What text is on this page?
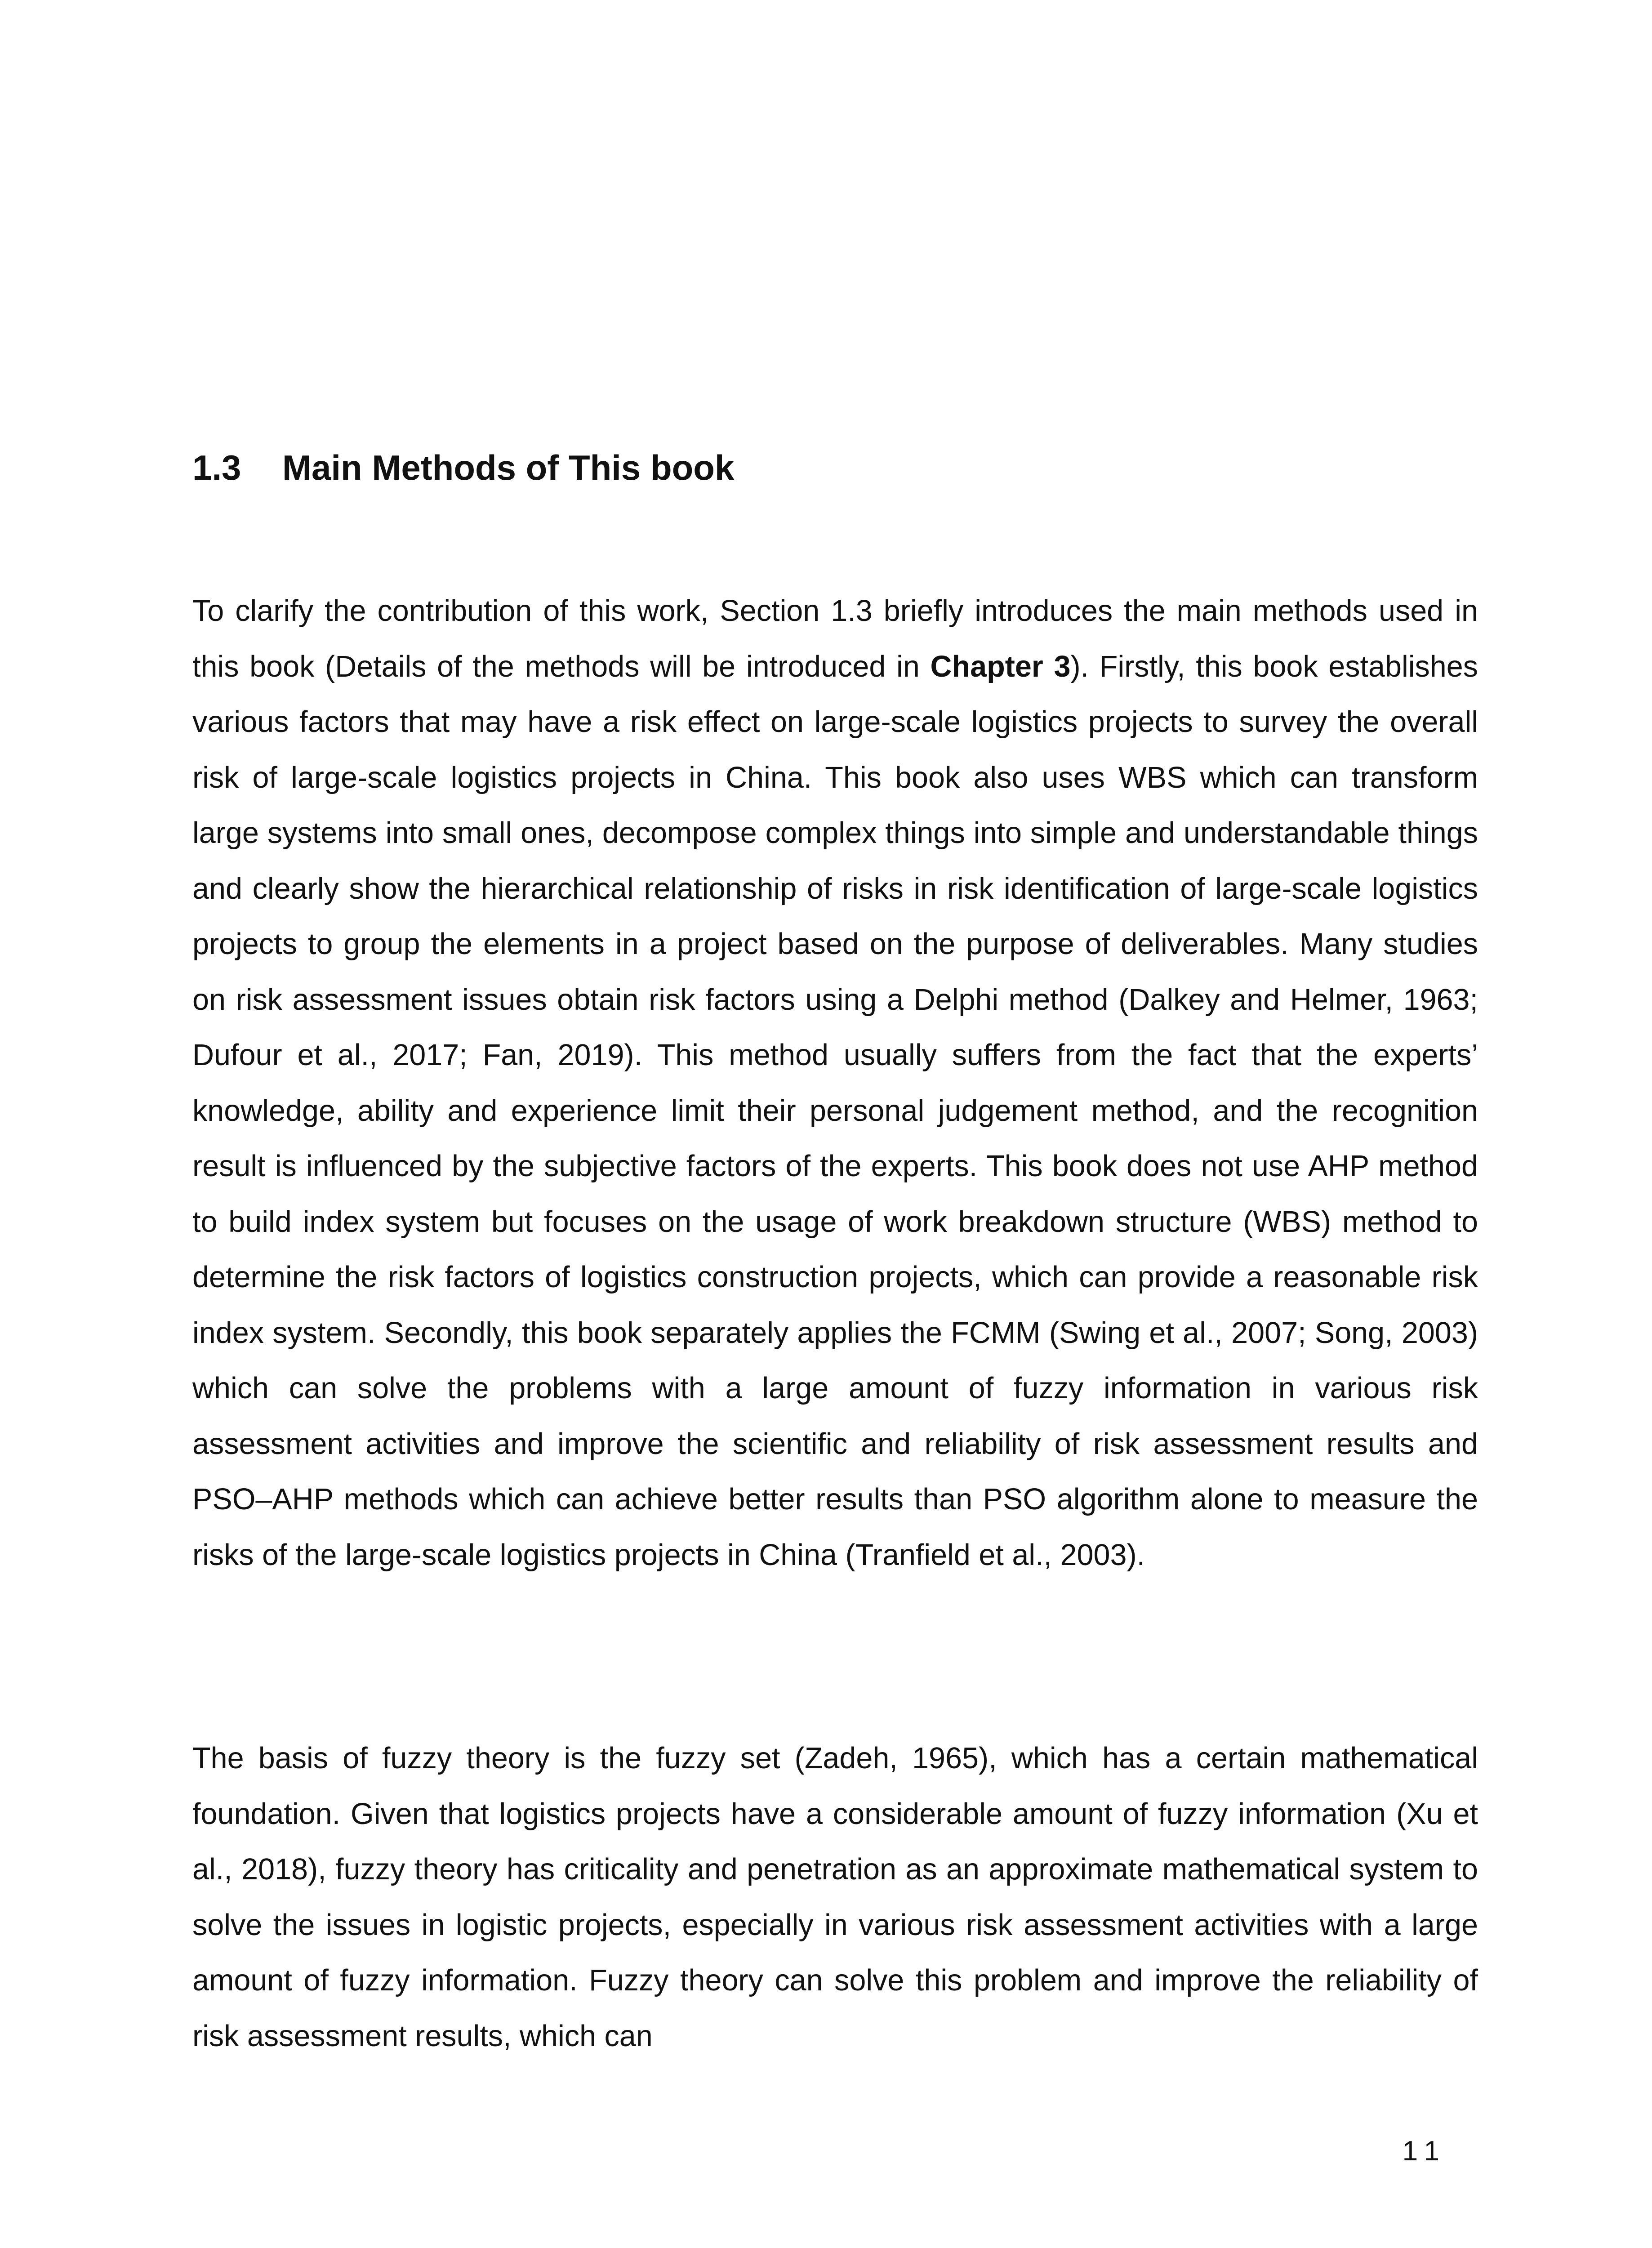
1.3 Main Methods of This book

To clarify the contribution of this work, Section 1.3 briefly introduces the main methods used in this book (Details of the methods will be introduced in Chapter 3). Firstly, this book establishes various factors that may have a risk effect on large-scale logistics projects to survey the overall risk of large-scale logistics projects in China. This book also uses WBS which can transform large systems into small ones, decompose complex things into simple and understandable things and clearly show the hierarchical relationship of risks in risk identification of large-scale logistics projects to group the elements in a project based on the purpose of deliverables. Many studies on risk assessment issues obtain risk factors using a Delphi method (Dalkey and Helmer, 1963; Dufour et al., 2017; Fan, 2019). This method usually suffers from the fact that the experts’ knowledge, ability and experience limit their personal judgement method, and the recognition result is influenced by the subjective factors of the experts. This book does not use AHP method to build index system but focuses on the usage of work breakdown structure (WBS) method to determine the risk factors of logistics construction projects, which can provide a reasonable risk index system. Secondly, this book separately applies the FCMM (Swing et al., 2007; Song, 2003) which can solve the problems with a large amount of fuzzy information in various risk assessment activities and improve the scientific and reliability of risk assessment results and PSO–AHP methods which can achieve better results than PSO algorithm alone to measure the risks of the large-scale logistics projects in China (Tranfield et al., 2003).

The basis of fuzzy theory is the fuzzy set (Zadeh, 1965), which has a certain mathematical foundation. Given that logistics projects have a considerable amount of fuzzy information (Xu et al., 2018), fuzzy theory has criticality and penetration as an approximate mathematical system to solve the issues in logistic projects, especially in various risk assessment activities with a large amount of fuzzy information. Fuzzy theory can solve this problem and improve the reliability of risk assessment results, which can

11
